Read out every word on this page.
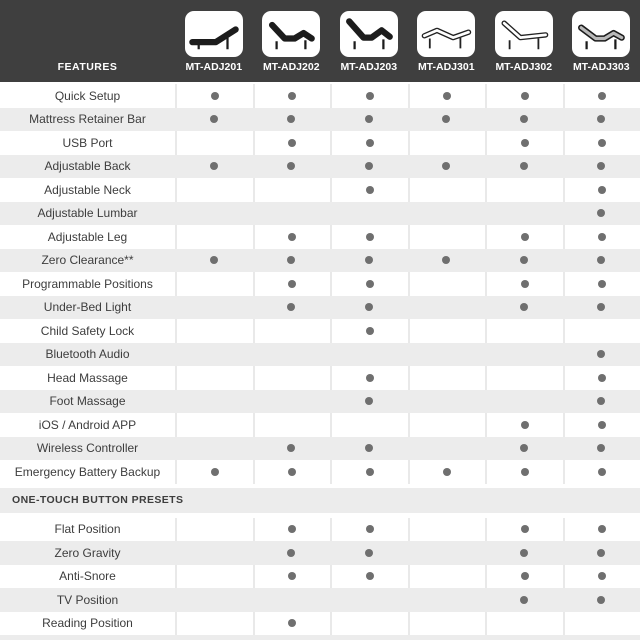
FEATURES	MT-ADJ201 MT-ADJ202 MT-ADJ203 MT-ADJ301 MT-ADJ302 MT-ADJ303
Quick Setup
Mattress Retainer Bar
USB Port
Adjustable Back
Adjustable Neck
Adjustable Lumbar
Adjustable Leg
Zero Clearance**
Programmable Positions
Under-Bed Light
Child Safety Lock
Bluetooth Audio
Head Massage
Foot Massage
iOS / Android APP
Wireless Controller
Emergency Battery Backup
ONE-TOUCH BUTTON PRESETS
Flat Position
Zero Gravity
Anti-Snore
TV Position
Reading Position
